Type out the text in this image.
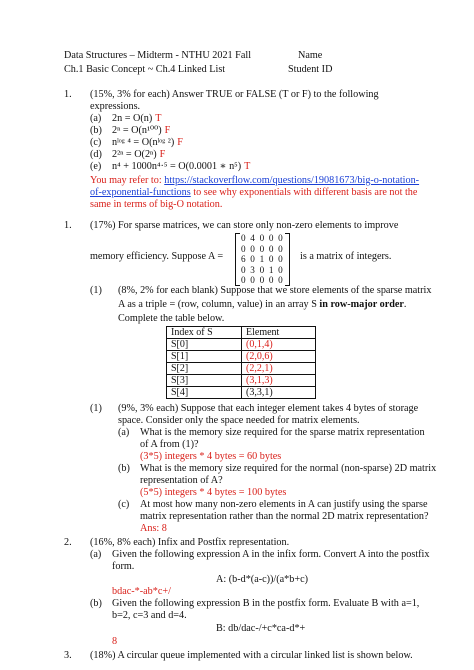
Data Structures – Midterm - NTHU 2021 Fall	Name
Ch.1 Basic Concept ~ Ch.4 Linked List	Student ID
1. (15%, 3% for each) Answer TRUE or FALSE (T or F) to the following
expressions.
(a) 2n = O(n) T
(b) 2ⁿ = O(n¹⁰⁰) F
(c) nˡᵒᵍ ⁴ = O(nˡᵒᵍ ²) F
(d) 2²ⁿ = O(2ⁿ) F
(e) n⁴ + 1000n⁴·⁵ = O(0.0001 ∗ n⁵) T
You may refer to: https://stackoverflow.com/questions/19081673/big-o-notation-
of-exponential-functions to see why exponentials with different basis are not the
same in terms of big-O notation.
1. (17%) For sparse matrices, we can store only non-zero elements to improve
memory efficiency. Suppose A =
0 4 0 0 0
0 0 0 0 0
6 0 1 0 0
0 3 0 1 0
0 0 0 0 0
is a matrix of integers.
(1) (8%, 2% for each blank) Suppose that we store elements of the sparse matrix
A as a triple = (row, column, value) in an array S in row-major order.
Complete the table below.
Index of S	Element
S[0]	(0,1,4)
S[1]	(2,0,6)
S[2]	(2,2,1)
S[3]	(3,1,3)
S[4]	(3,3,1)
(1) (9%, 3% each) Suppose that each integer element takes 4 bytes of storage
space. Consider only the space needed for matrix elements.
(a) What is the memory size required for the sparse matrix representation
of A from (1)?
(3*5) integers * 4 bytes = 60 bytes
(b) What is the memory size required for the normal (non-sparse) 2D matrix
representation of A?
(5*5) integers * 4 bytes = 100 bytes
(c) At most how many non-zero elements in A can justify using the sparse
matrix representation rather than the normal 2D matrix representation?
Ans: 8
2. (16%, 8% each) Infix and Postfix representation.
(a) Given the following expression A in the infix form. Convert A into the postfix
form.
A: (b-d*(a-c))/(a*b+c)
bdac-*-ab*c+/
(b) Given the following expression B in the postfix form. Evaluate B with a=1,
b=2, c=3 and d=4.
B: db/dac-/+c*ca-d*+
8
3. (18%) A circular queue implemented with a circular linked list is shown below.
